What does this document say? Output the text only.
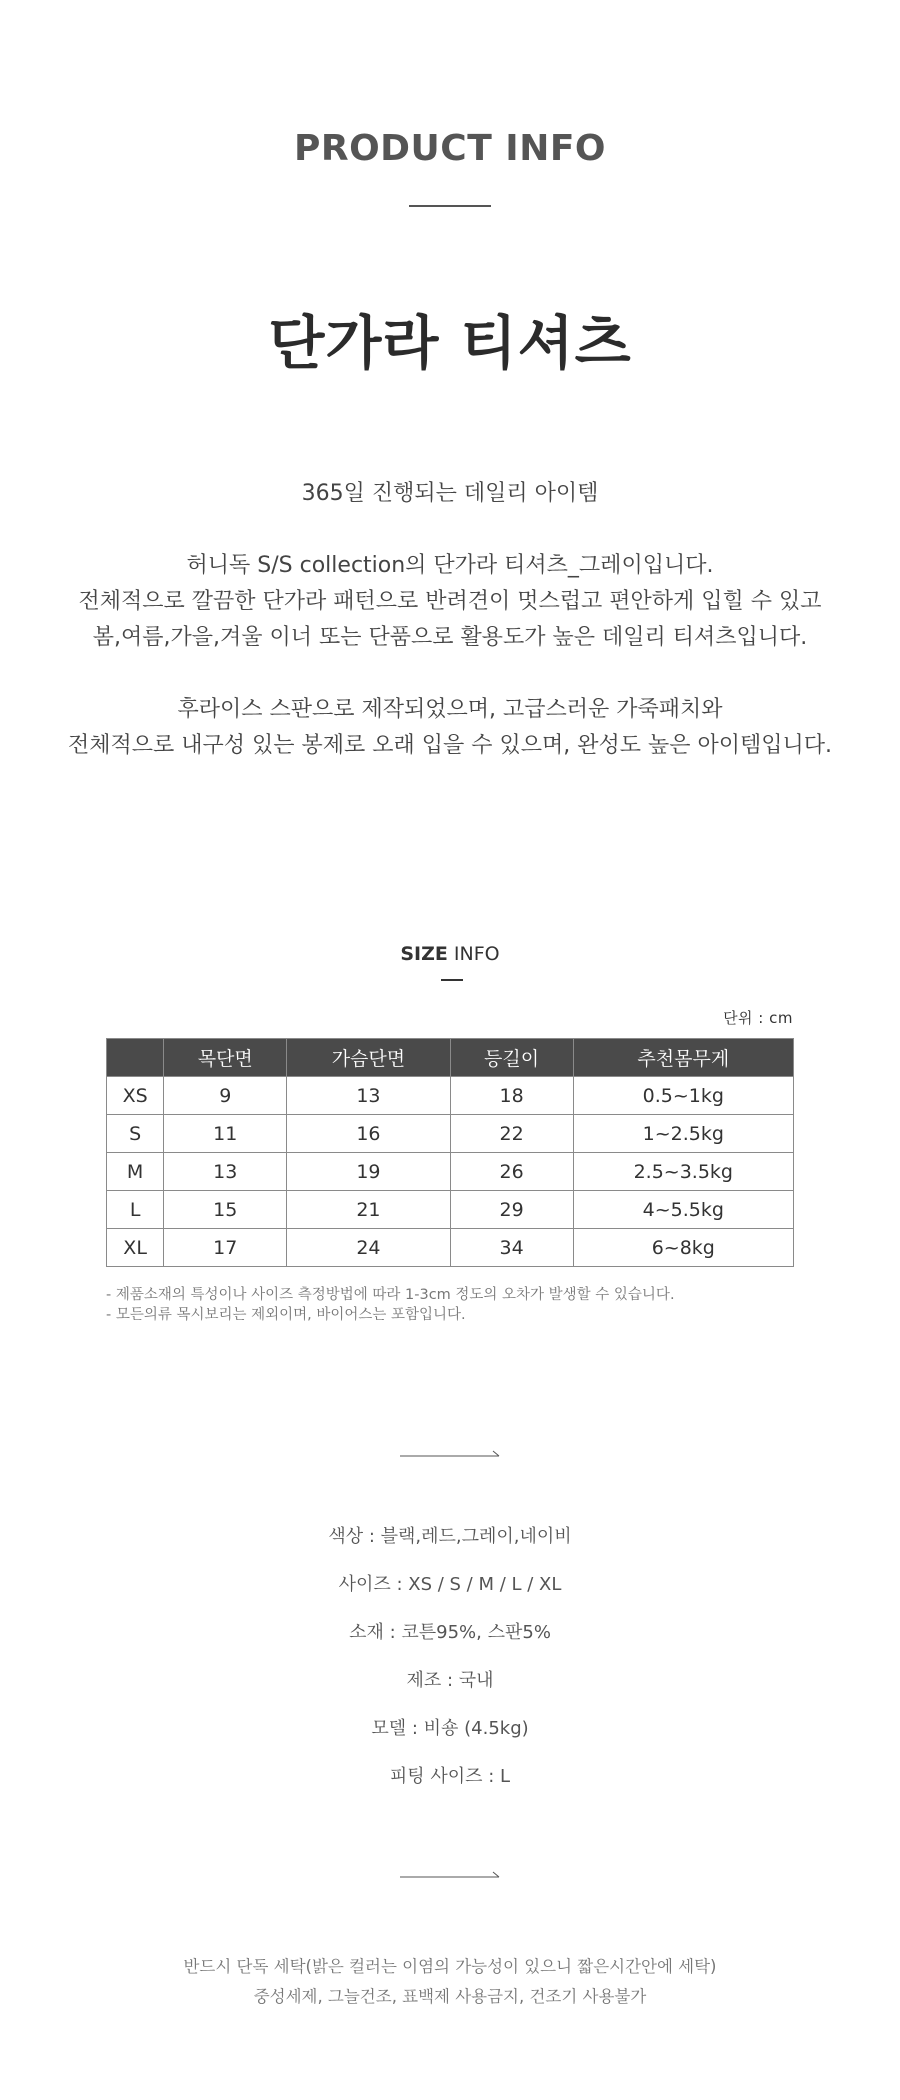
PRODUCT INFO
단가라 티셔츠
365일 진행되는 데일리 아이템
허니독 S/S collection의 단가라 티셔츠_그레이입니다.
전체적으로 깔끔한 단가라 패턴으로 반려견이 멋스럽고 편안하게 입힐 수 있고
봄,여름,가을,겨울 이너 또는 단품으로 활용도가 높은 데일리 티셔츠입니다.
후라이스 스판으로 제작되었으며, 고급스러운 가죽패치와
전체적으로 내구성 있는 봉제로 오래 입을 수 있으며, 완성도 높은 아이템입니다.
SIZE INFO
단위 : cm
	목단면	가슴단면	등길이	추천몸무게
XS	9	13	18	0.5~1kg
S	11	16	22	1~2.5kg
M	13	19	26	2.5~3.5kg
L	15	21	29	4~5.5kg
XL	17	24	34	6~8kg
- 제품소재의 특성이나 사이즈 측정방법에 따라 1-3cm 정도의 오차가 발생할 수 있습니다.
- 모든의류 목시보리는 제외이며, 바이어스는 포함입니다.
색상 : 블랙,레드,그레이,네이비
사이즈 : XS / S / M / L / XL
소재 : 코튼95%, 스판5%
제조 : 국내
모델 : 비숑 (4.5kg)
피팅 사이즈 : L
반드시 단독 세탁(밝은 컬러는 이염의 가능성이 있으니 짧은시간안에 세탁)
중성세제, 그늘건조, 표백제 사용금지, 건조기 사용불가
